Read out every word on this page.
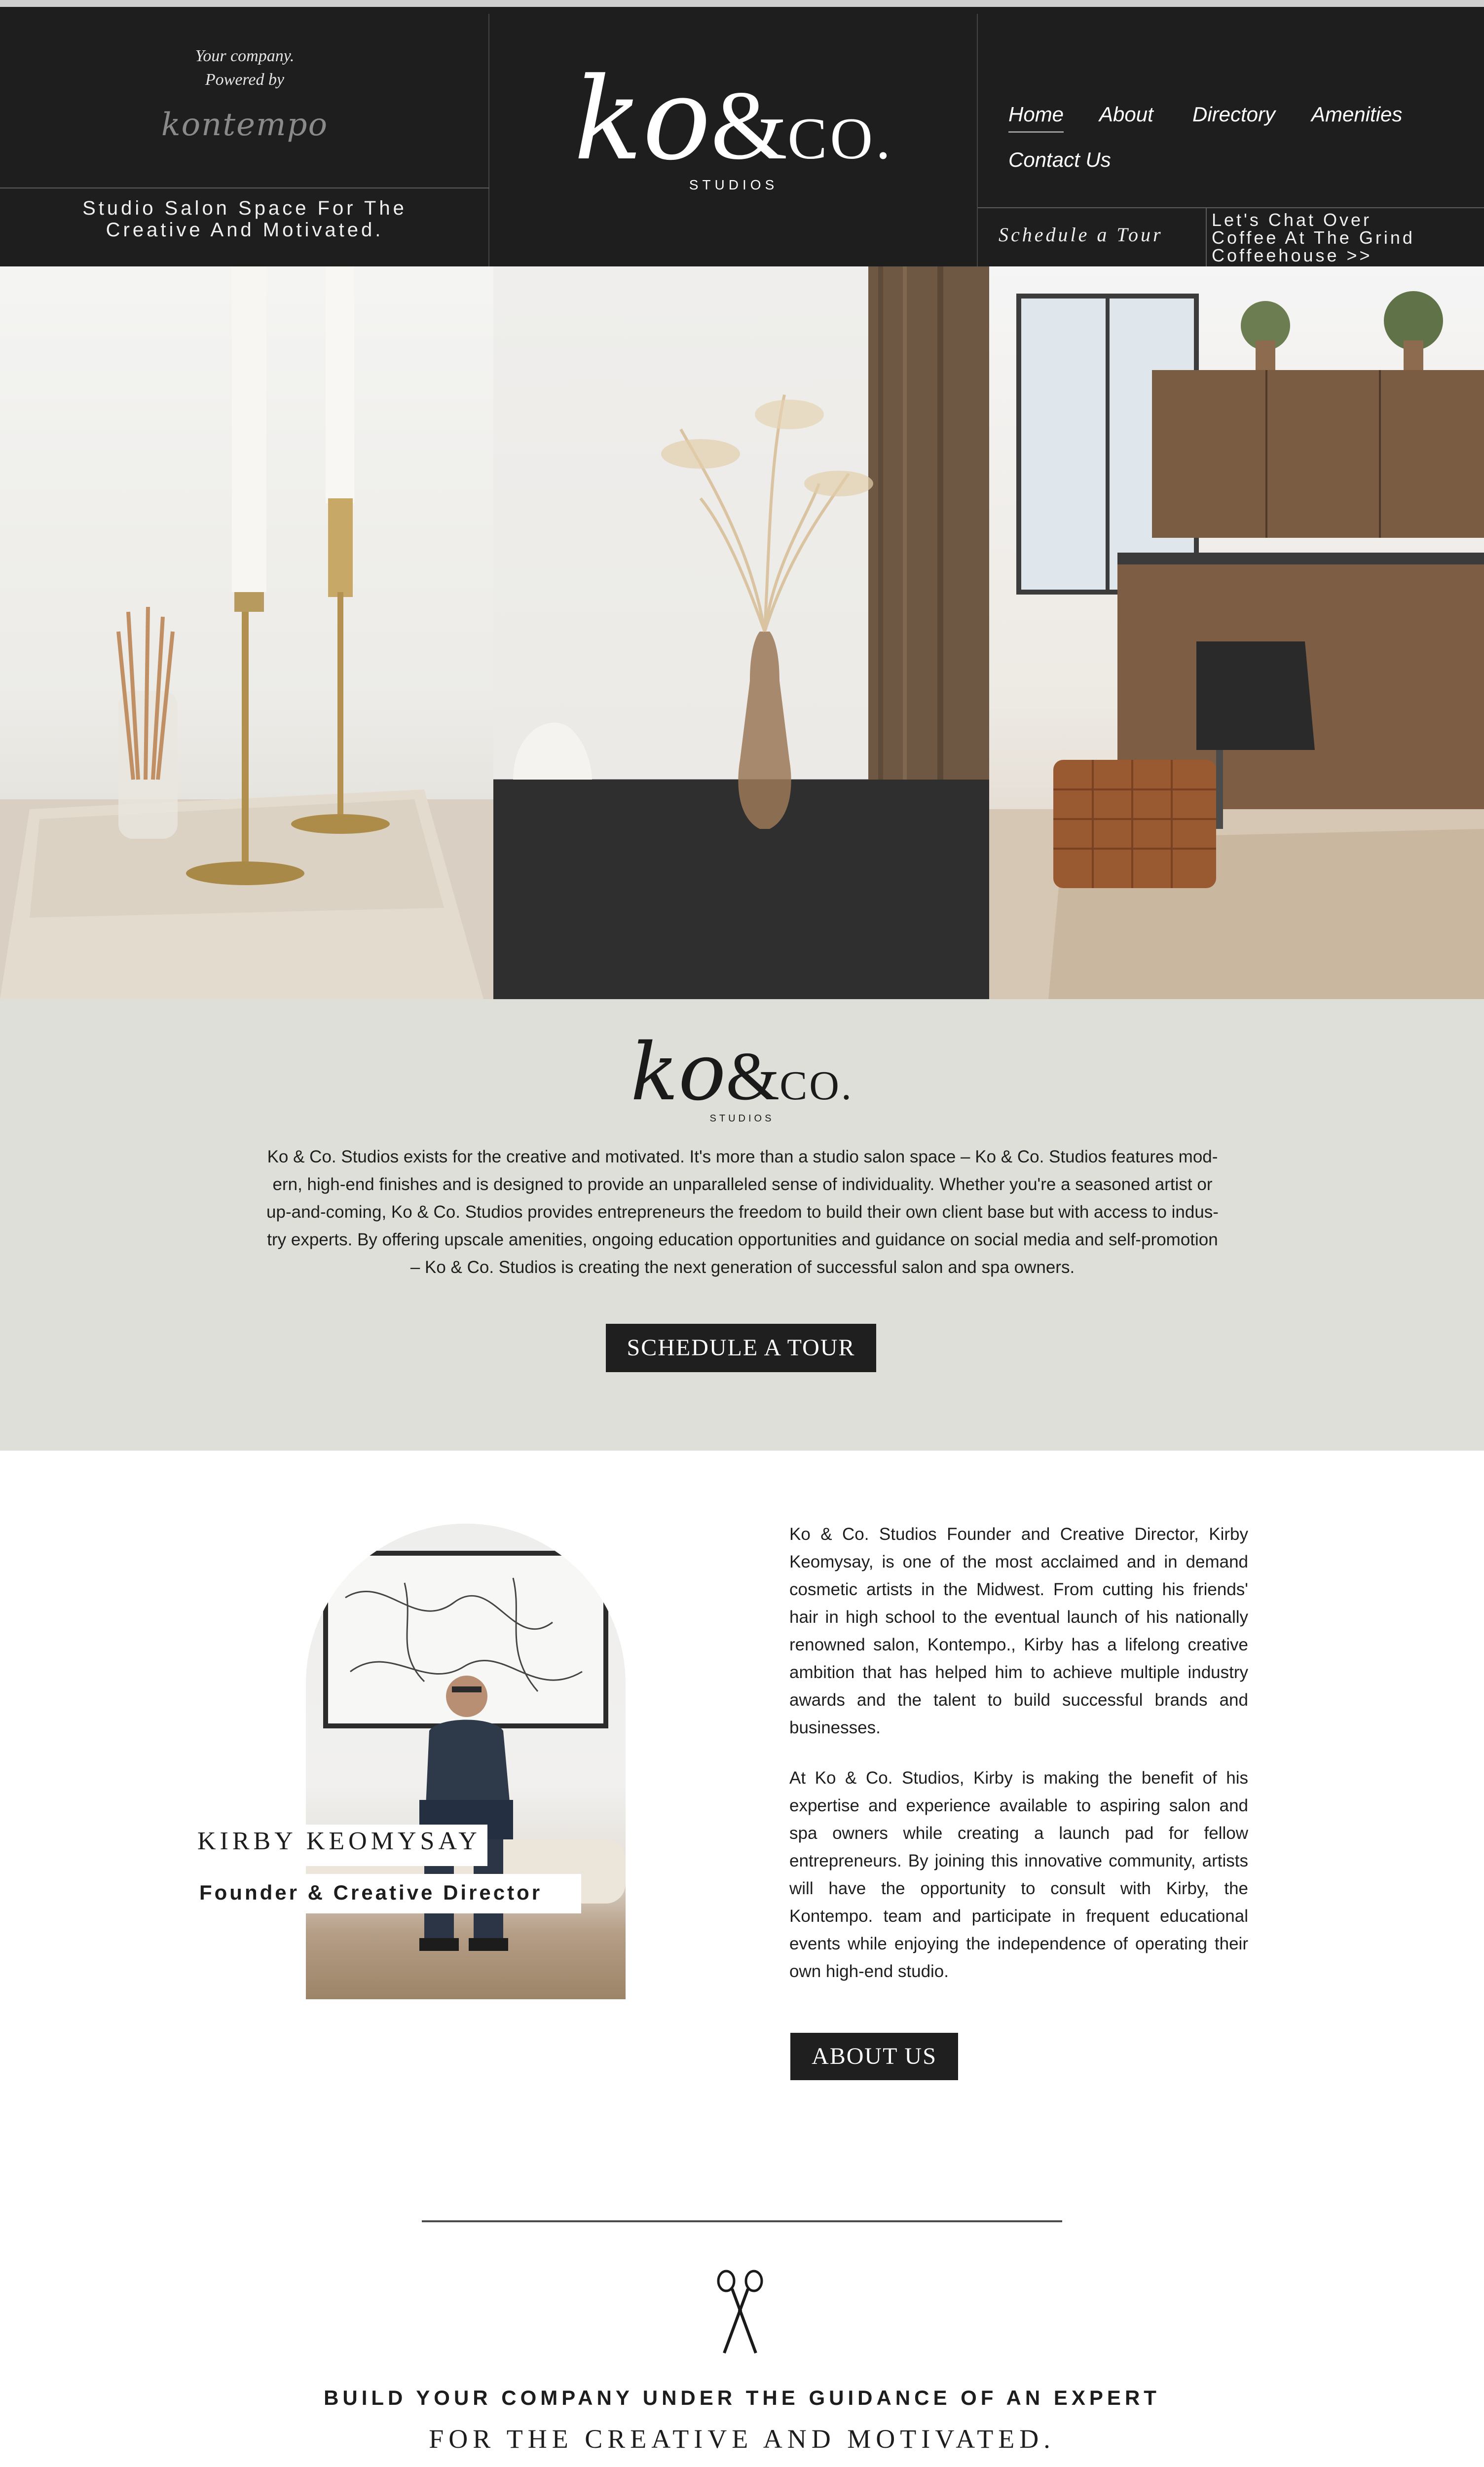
Your company.
Powered by
kontempo
Studio Salon Space For The
Creative And Motivated.
ko&CO.
STUDIOS
Home About Directory Amenities
Contact Us
Schedule a Tour
Let's Chat Over
Coffee At The Grind
Coffeehouse >>
ko&CO.
STUDIOS
Ko & Co. Studios exists for the creative and motivated. It's more than a studio salon space – Ko & Co. Studios features mod-
ern, high-end finishes and is designed to provide an unparalleled sense of individuality. Whether you're a seasoned artist or
up-and-coming, Ko & Co. Studios provides entrepreneurs the freedom to build their own client base but with access to indus-
try experts. By offering upscale amenities, ongoing education opportunities and guidance on social media and self-promotion
– Ko & Co. Studios is creating the next generation of successful salon and spa owners.
SCHEDULE A TOUR
KIRBY KEOMYSAY
Founder & Creative Director

Ko & Co. Studios Founder and Creative Director, Kirby Keomysay, is one of the most acclaimed and in demand cosmetic artists in the Midwest. From cutting his friends' hair in high school to the eventual launch of his nationally renowned salon, Kontempo., Kirby has a lifelong creative ambition that has helped him to achieve multiple industry awards and the talent to build successful brands and businesses.

At Ko & Co. Studios, Kirby is making the benefit of his expertise and experience available to aspiring salon and spa owners while creating a launch pad for fellow entrepreneurs. By joining this innovative community, artists will have the opportunity to consult with Kirby, the Kontempo. team and participate in frequent educational events while enjoying the independence of operating their own high-end studio.

ABOUT US
BUILD YOUR COMPANY UNDER THE GUIDANCE OF AN EXPERT
FOR THE CREATIVE AND MOTIVATED.
